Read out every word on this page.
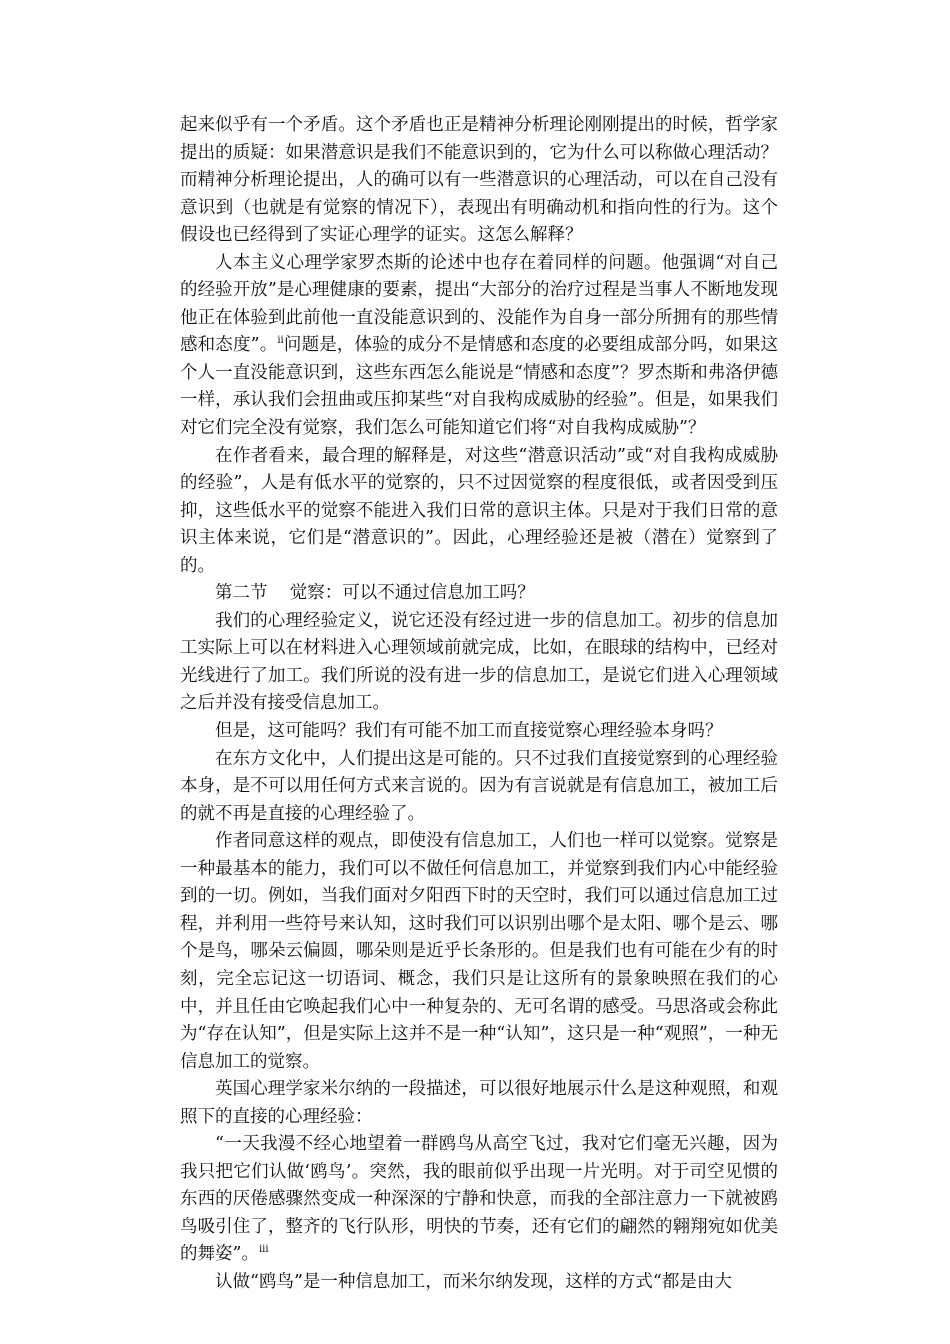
起来似乎有一个矛盾。这个矛盾也正是精神分析理论刚刚提出的时候，哲学家提出的质疑：如果潜意识是我们不能意识到的，它为什么可以称做心理活动？而精神分析理论提出，人的确可以有一些潜意识的心理活动，可以在自己没有意识到（也就是有觉察的情况下），表现出有明确动机和指向性的行为。这个假设也已经得到了实证心理学的证实。这怎么解释？

人本主义心理学家罗杰斯的论述中也存在着同样的问题。他强调“对自己的经验开放”是心理健康的要素，提出“大部分的治疗过程是当事人不断地发现他正在体验到此前他一直没能意识到的、没能作为自身一部分所拥有的那些情感和态度”。$^{ii}$问题是，体验的成分不是情感和态度的必要组成部分吗，如果这个人一直没能意识到，这些东西怎么能说是“情感和态度”？罗杰斯和弗洛伊德一样，承认我们会扭曲或压抑某些“对自我构成威胁的经验”。但是，如果我们对它们完全没有觉察，我们怎么可能知道它们将“对自我构成威胁”？

在作者看来，最合理的解释是，对这些“潜意识活动”或“对自我构成威胁的经验”，人是有低水平的觉察的，只不过因觉察的程度很低，或者因受到压抑，这些低水平的觉察不能进入我们日常的意识主体。只是对于我们日常的意识主体来说，它们是“潜意识的”。因此，心理经验还是被（潜在）觉察到了的。

第二节    觉察：可以不通过信息加工吗？

我们的心理经验定义，说它还没有经过进一步的信息加工。初步的信息加工实际上可以在材料进入心理领域前就完成，比如，在眼球的结构中，已经对光线进行了加工。我们所说的没有进一步的信息加工，是说它们进入心理领域之后并没有接受信息加工。

但是，这可能吗？我们有可能不加工而直接觉察心理经验本身吗？

在东方文化中，人们提出这是可能的。只不过我们直接觉察到的心理经验本身，是不可以用任何方式来言说的。因为有言说就是有信息加工，被加工后的就不再是直接的心理经验了。

作者同意这样的观点，即使没有信息加工，人们也一样可以觉察。觉察是一种最基本的能力，我们可以不做任何信息加工，并觉察到我们内心中能经验到的一切。例如，当我们面对夕阳西下时的天空时，我们可以通过信息加工过程，并利用一些符号来认知，这时我们可以识别出哪个是太阳、哪个是云、哪个是鸟，哪朵云偏圆，哪朵则是近乎长条形的。但是我们也有可能在少有的时刻，完全忘记这一切语词、概念，我们只是让这所有的景象映照在我们的心中，并且任由它唤起我们心中一种复杂的、无可名谓的感受。马思洛或会称此为“存在认知”，但是实际上这并不是一种“认知”，这只是一种“观照”，一种无信息加工的觉察。

英国心理学家米尔纳的一段描述，可以很好地展示什么是这种观照，和观照下的直接的心理经验：

“一天我漫不经心地望着一群鸥鸟从高空飞过，我对它们毫无兴趣，因为我只把它们认做‘鸥鸟’。突然，我的眼前似乎出现一片光明。对于司空见惯的东西的厌倦感骤然变成一种深深的宁静和快意，而我的全部注意力一下就被鸥鸟吸引住了，整齐的飞行队形，明快的节奏，还有它们的翩然的翱翔宛如优美的舞姿”。$^{iii}$

认做“鸥鸟”是一种信息加工，而米尔纳发现，这样的方式“都是由大
